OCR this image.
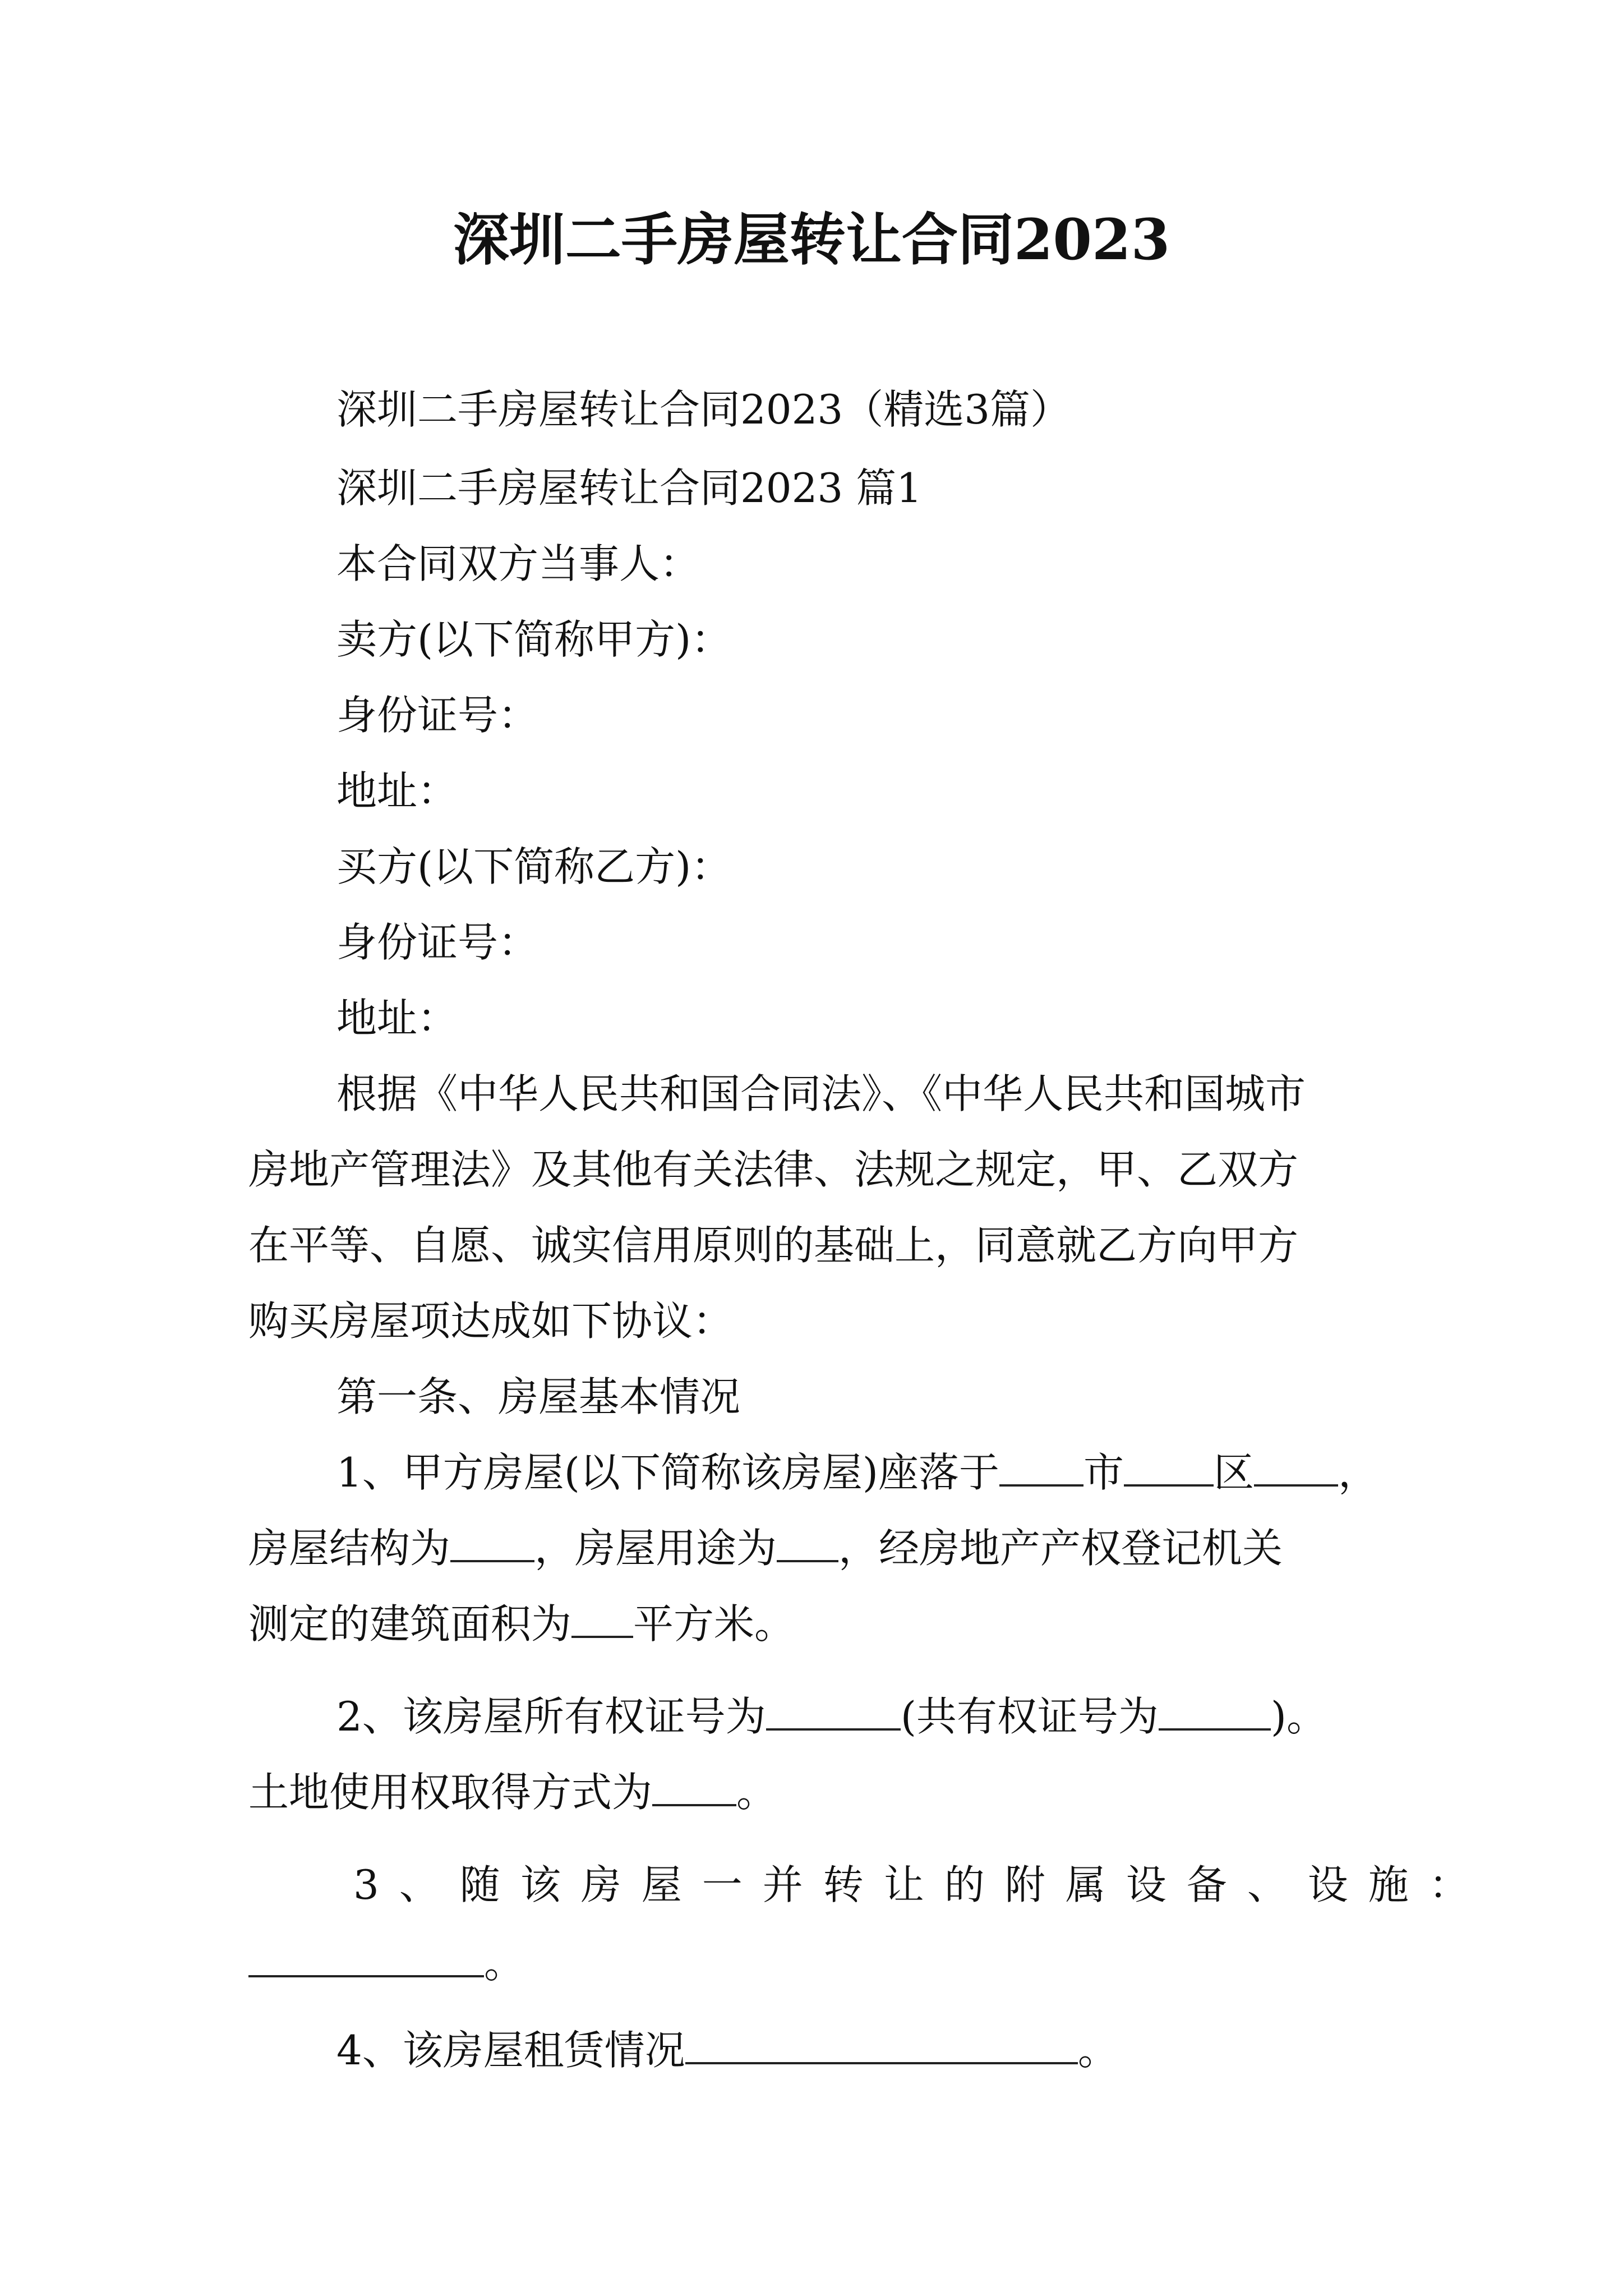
深圳二手房屋转让合同2023
深圳二手房屋转让合同2023（精选3篇）
深圳二手房屋转让合同2023 篇1
本合同双方当事人：
卖方(以下简称甲方)：
身份证号：
地址：
买方(以下简称乙方)：
身份证号：
地址：
根据《中华人民共和国合同法》、《中华人民共和国城市
房地产管理法》及其他有关法律、法规之规定，甲、乙双方
在平等、自愿、诚实信用原则的基础上，同意就乙方向甲方
购买房屋项达成如下协议：
第一条、房屋基本情况
1、甲方房屋(以下简称该房屋)座落于 市 区 ，
房屋结构为 ，房屋用途为 ，经房地产产权登记机关
测定的建筑面积为 平方米。
2、该房屋所有权证号为	(共有权证号为	)。
土地使用权取得方式为 。
3、随该房屋一并转让的附属设备、设施：
。
4、该房屋租赁情况	。
